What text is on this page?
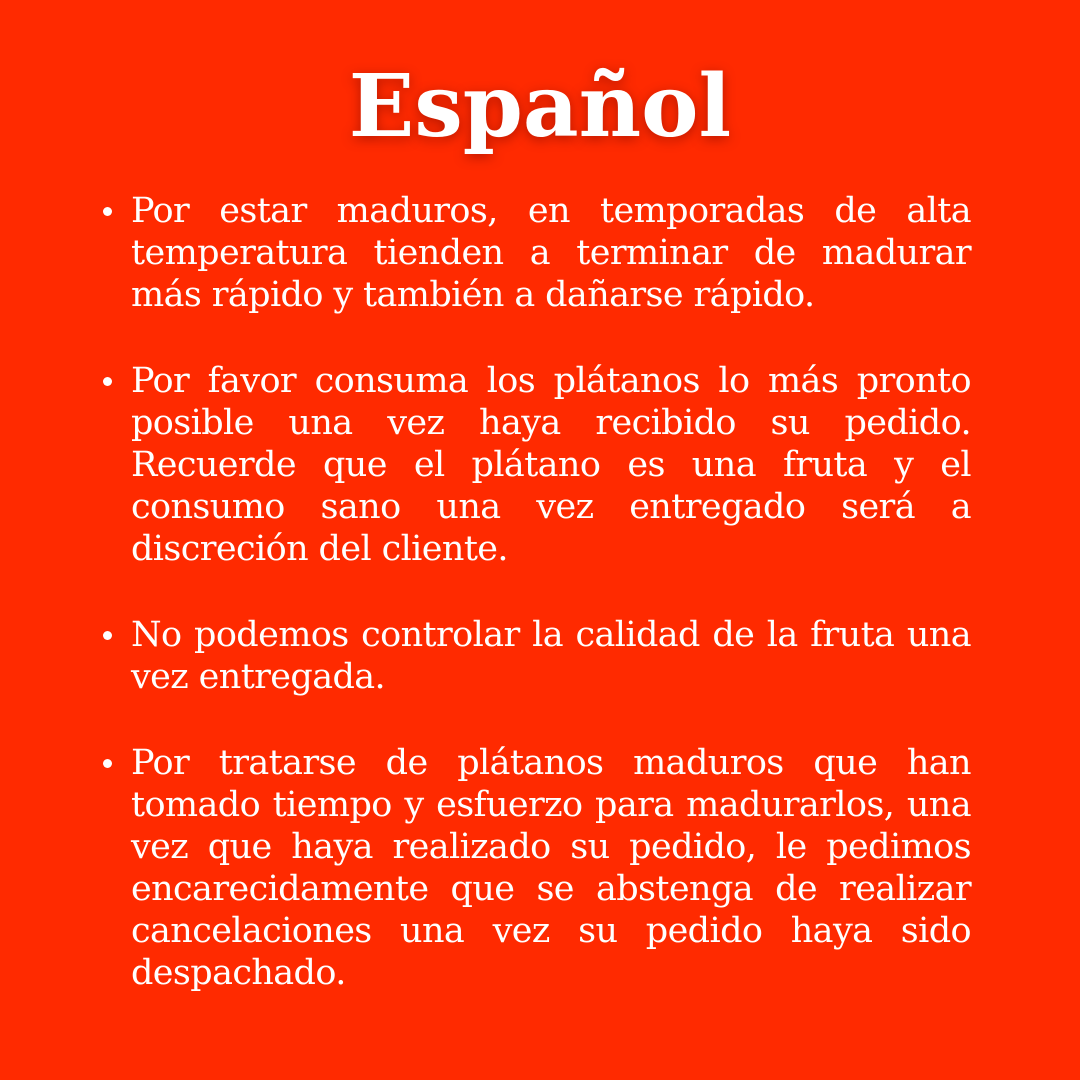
Español
Por estar maduros, en temporadas de alta temperatura tienden a terminar de madurar más rápido y también a dañarse rápido.
Por favor consuma los plátanos lo más pronto posible una vez haya recibido su pedido. Recuerde que el plátano es una fruta y el consumo sano una vez entregado será a discreción del cliente.
No podemos controlar la calidad de la fruta una vez entregada.
Por tratarse de plátanos maduros que han tomado tiempo y esfuerzo para madurarlos, una vez que haya realizado su pedido, le pedimos encarecidamente que se abstenga de realizar cancelaciones una vez su pedido haya sido despachado.
